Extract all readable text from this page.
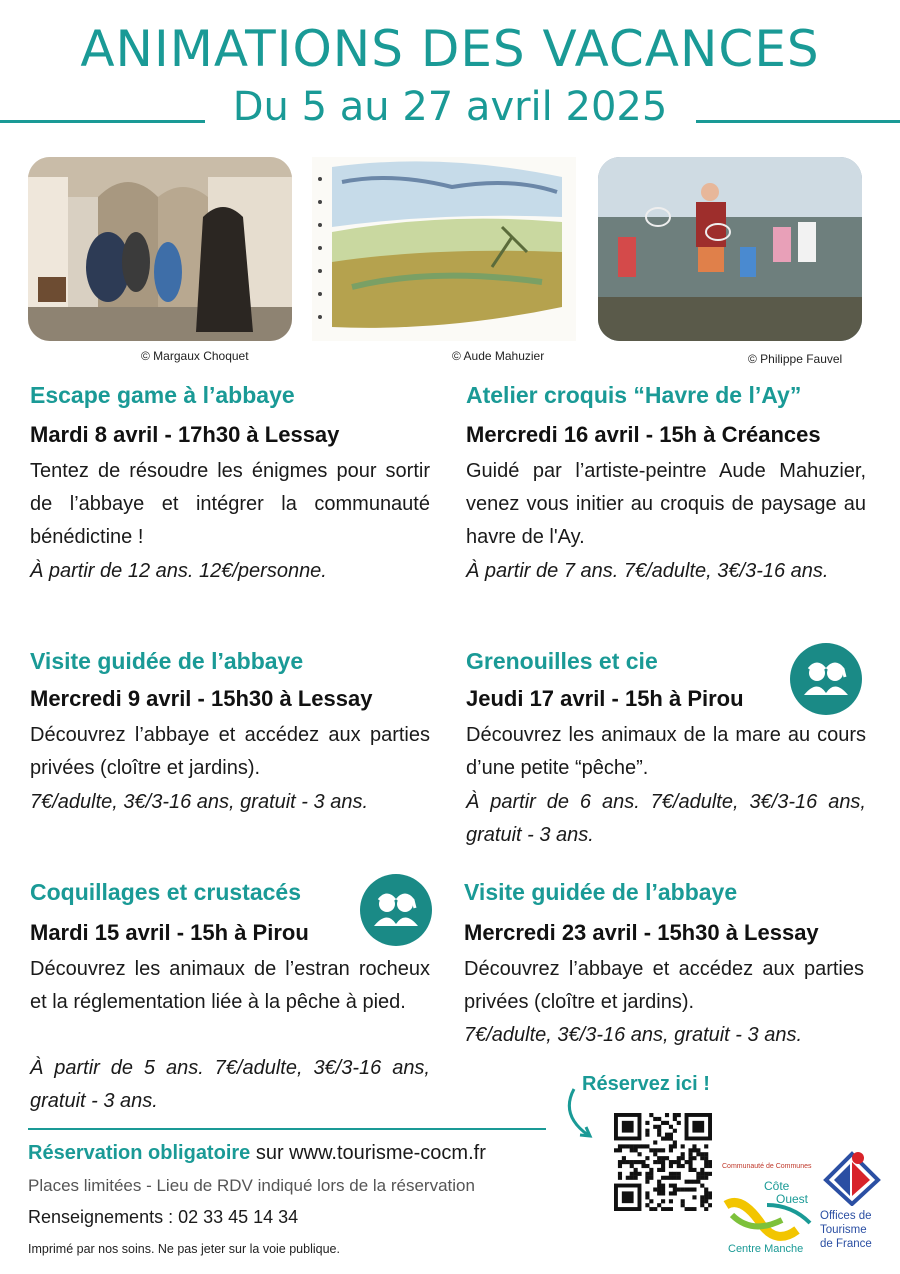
ANIMATIONS DES VACANCES
Du 5 au 27 avril 2025
© Margaux Choquet	© Aude Mahuzier	© Philippe Fauvel
Escape game à l’abbaye
Mardi 8 avril - 17h30 à Lessay
Tentez de résoudre les énigmes pour sortir de l’abbaye et intégrer la communauté bénédictine !
À partir de 12 ans. 12€/personne.
Atelier croquis “Havre de l’Ay”
Mercredi 16 avril - 15h à Créances
Guidé par l’artiste-peintre Aude Mahuzier, venez vous initier au croquis de paysage au havre de l'Ay.
À partir de 7 ans. 7€/adulte, 3€/3-16 ans.
Visite guidée de l’abbaye
Mercredi 9 avril - 15h30 à Lessay
Découvrez l’abbaye et accédez aux parties privées (cloître et jardins).
7€/adulte, 3€/3-16 ans, gratuit - 3 ans.
Grenouilles et cie
Jeudi 17 avril - 15h à Pirou
Découvrez les animaux de la mare au cours d’une petite “pêche”.
À partir de 6 ans. 7€/adulte, 3€/3-16 ans, gratuit - 3 ans.
Coquillages et crustacés
Mardi 15 avril - 15h à Pirou
Découvrez les animaux de l’estran rocheux et la réglementation liée à la pêche à pied.
À partir de 5 ans. 7€/adulte, 3€/3-16 ans, gratuit - 3 ans.
Visite guidée de l’abbaye
Mercredi 23 avril - 15h30 à Lessay
Découvrez l’abbaye et accédez aux parties privées (cloître et jardins).
7€/adulte, 3€/3-16 ans, gratuit - 3 ans.
Réservation obligatoire sur www.tourisme-cocm.fr
Places limitées - Lieu de RDV indiqué lors de la réservation
Renseignements : 02 33 45 14 34
Imprimé par nos soins. Ne pas jeter sur la voie publique.
Réservez ici !
Communauté de Communes
Côte
Ouest
Centre Manche
Offices de
Tourisme
de France
